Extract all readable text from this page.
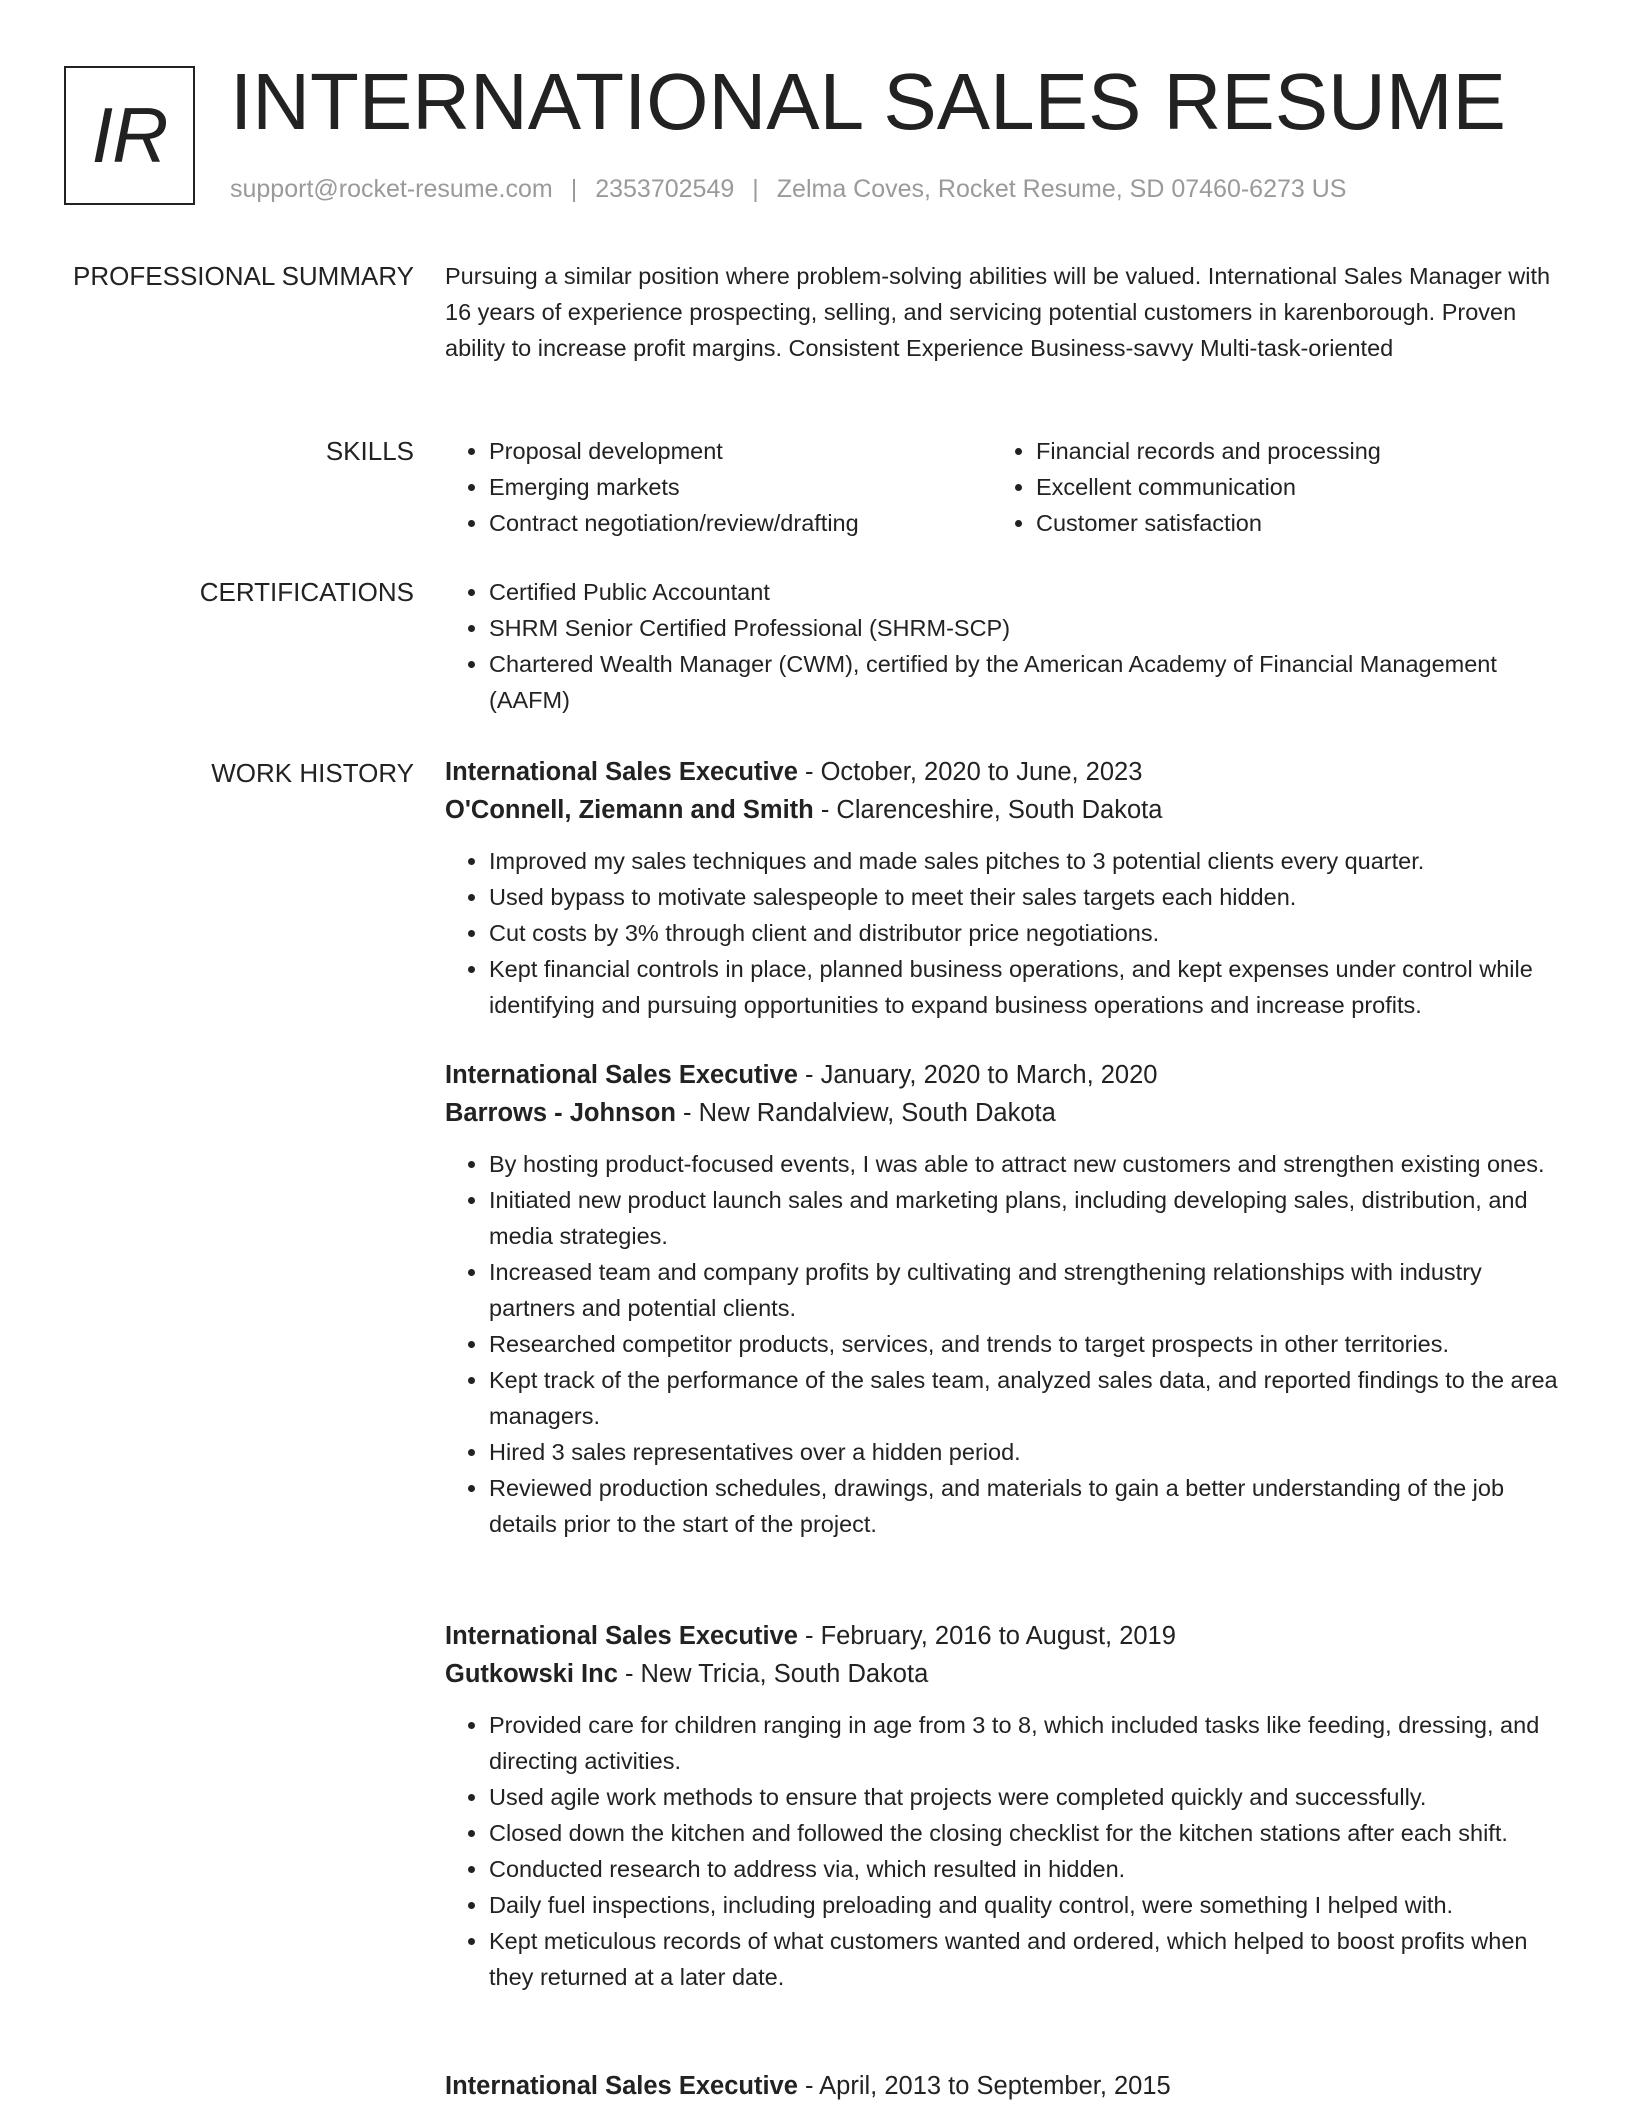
IR INTERNATIONAL SALES RESUME
support@rocket-resume.com | 2353702549 | Zelma Coves, Rocket Resume, SD 07460-6273 US
PROFESSIONAL SUMMARY Pursuing a similar position where problem-solving abilities will be valued. International Sales Manager with 16 years of experience prospecting, selling, and servicing potential customers in karenborough. Proven ability to increase profit margins. Consistent Experience Business-savvy Multi-task-oriented

SKILLS	• Proposal development
• Emerging markets
• Contract negotiation/review/drafting
• Financial records and processing
• Excellent communication
• Customer satisfaction
CERTIFICATIONS	• Certified Public Accountant
• SHRM Senior Certified Professional (SHRM-SCP)
• Chartered Wealth Manager (CWM), certified by the American Academy of Financial Management (AAFM)
WORK HISTORY International Sales Executive - October, 2020 to June, 2023
O'Connell, Ziemann and Smith - Clarenceshire, South Dakota
• Improved my sales techniques and made sales pitches to 3 potential clients every quarter.
• Used bypass to motivate salespeople to meet their sales targets each hidden.
• Cut costs by 3% through client and distributor price negotiations.
• Kept financial controls in place, planned business operations, and kept expenses under control while identifying and pursuing opportunities to expand business operations and increase profits.
International Sales Executive - January, 2020 to March, 2020
Barrows - Johnson - New Randalview, South Dakota
• By hosting product-focused events, I was able to attract new customers and strengthen existing ones.
• Initiated new product launch sales and marketing plans, including developing sales, distribution, and media strategies.
• Increased team and company profits by cultivating and strengthening relationships with industry partners and potential clients.
• Researched competitor products, services, and trends to target prospects in other territories.
• Kept track of the performance of the sales team, analyzed sales data, and reported findings to the area managers.
• Hired 3 sales representatives over a hidden period.
• Reviewed production schedules, drawings, and materials to gain a better understanding of the job details prior to the start of the project.
International Sales Executive - February, 2016 to August, 2019
Gutkowski Inc - New Tricia, South Dakota
• Provided care for children ranging in age from 3 to 8, which included tasks like feeding, dressing, and directing activities.
• Used agile work methods to ensure that projects were completed quickly and successfully.
• Closed down the kitchen and followed the closing checklist for the kitchen stations after each shift.
• Conducted research to address via, which resulted in hidden.
• Daily fuel inspections, including preloading and quality control, were something I helped with.
• Kept meticulous records of what customers wanted and ordered, which helped to boost profits when they returned at a later date.
International Sales Executive - April, 2013 to September, 2015
